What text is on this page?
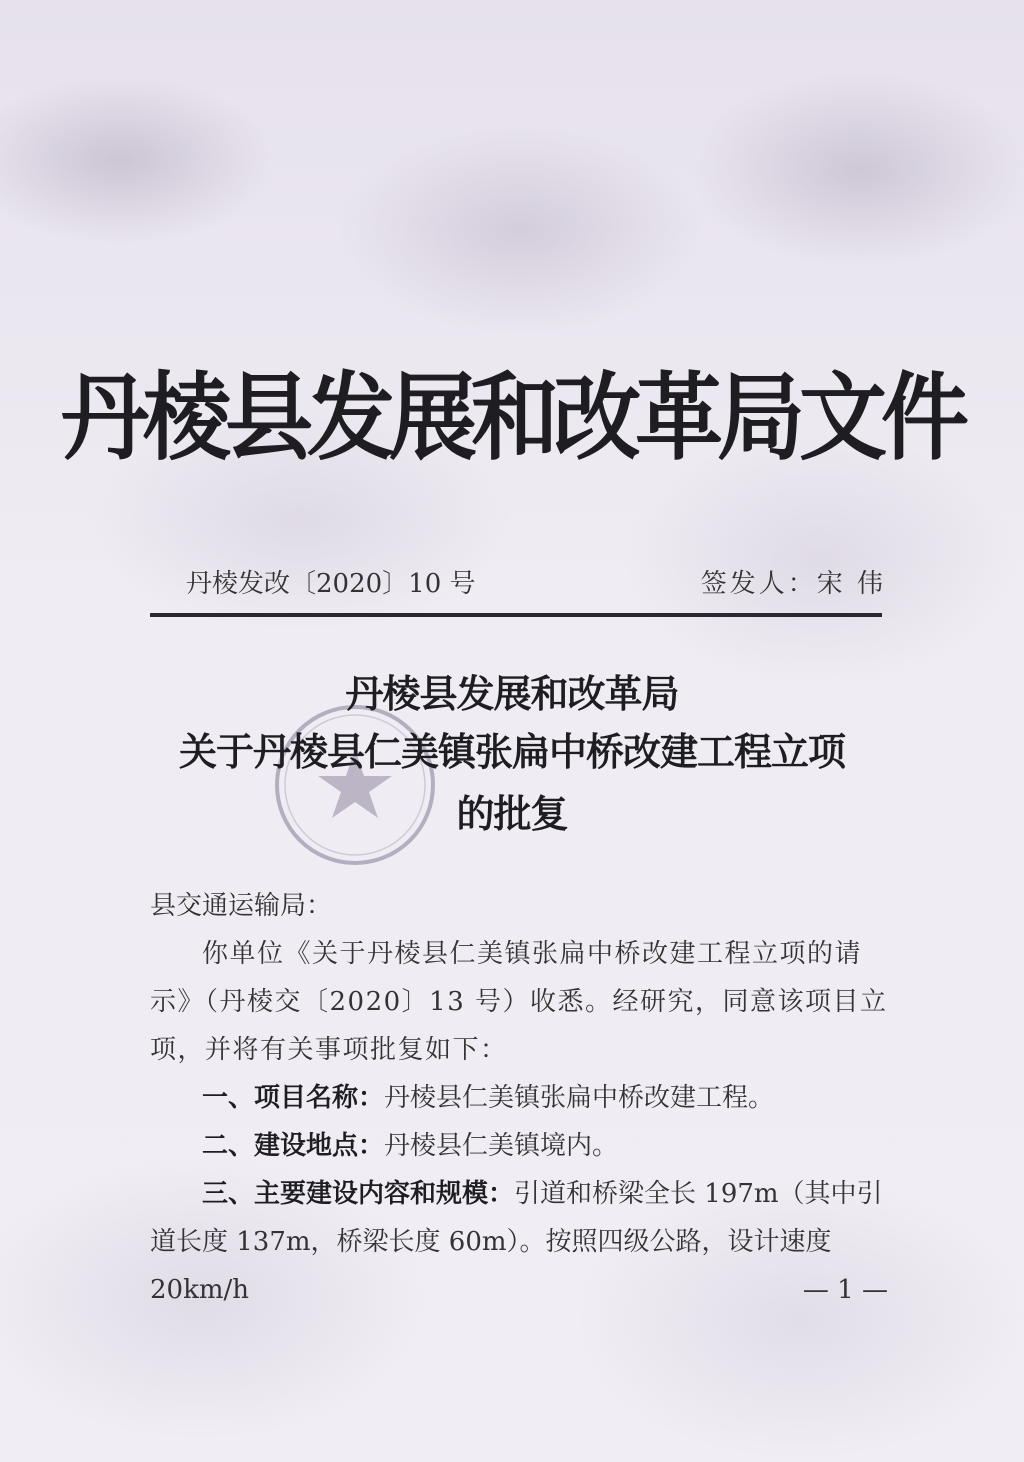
丹棱县发展和改革局文件
丹棱发改〔2020〕10 号	签发人：宋 伟
丹棱县发展和改革局
关于丹棱县仁美镇张扁中桥改建工程立项
的批复
县交通运输局：
你单位《关于丹棱县仁美镇张扁中桥改建工程立项的请示》（丹棱交〔2020〕13 号）收悉。经研究，同意该项目立项，并将有关事项批复如下：
一、项目名称：丹棱县仁美镇张扁中桥改建工程。
二、建设地点：丹棱县仁美镇境内。
三、主要建设内容和规模：引道和桥梁全长 197m（其中引道长度 137m，桥梁长度 60m）。按照四级公路，设计速度 20km/h	— 1 —
